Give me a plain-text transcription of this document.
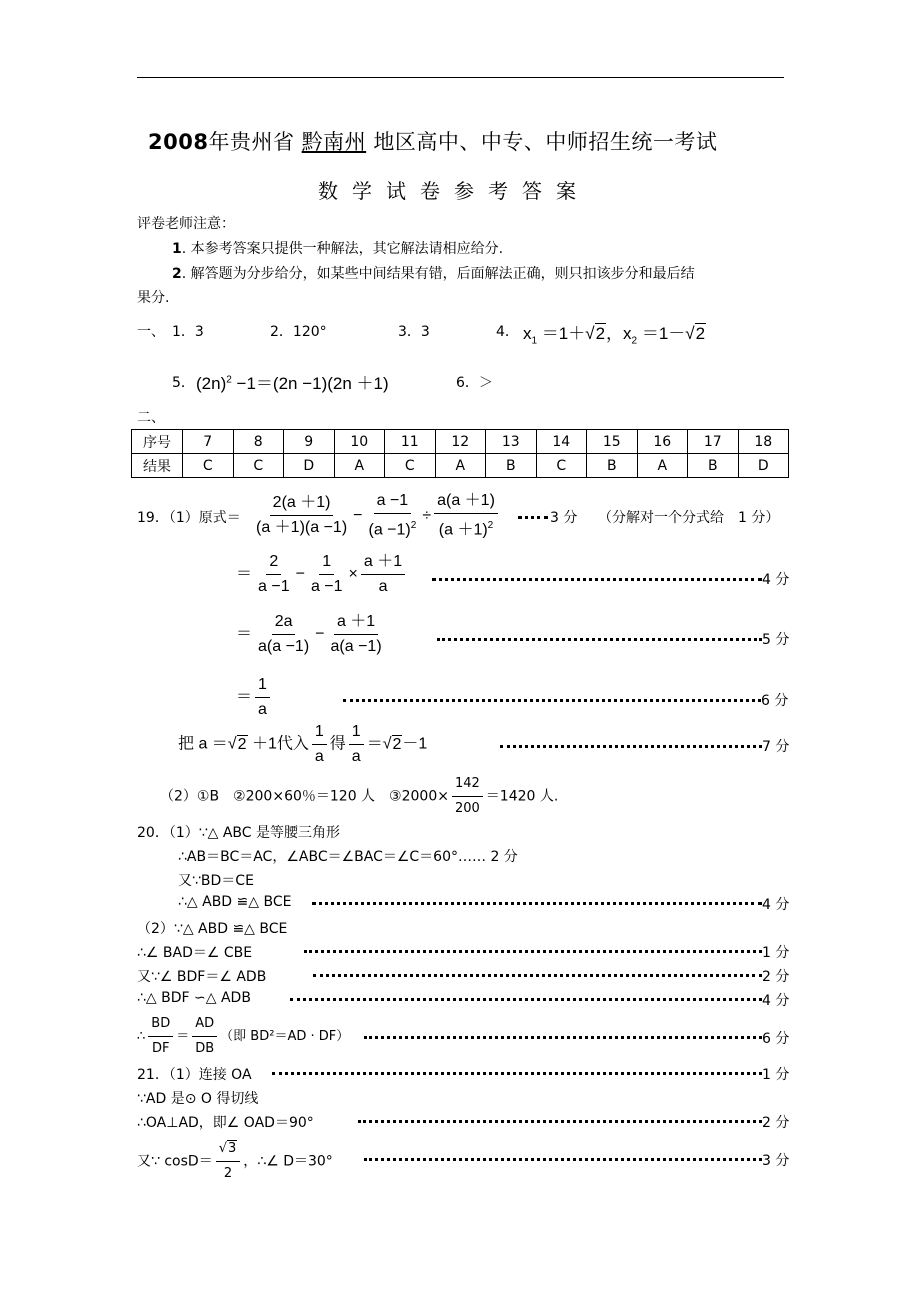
2008年贵州省 黔南州 地区高中、中专、中师招生统一考试
数学试卷参考答案
评卷老师注意：
1. 本参考答案只提供一种解法，其它解法请相应给分.
2. 解答题为分步给分，如某些中间结果有错，后面解法正确，则只扣该步分和最后结
果分.
一、 1．3	2．120°	3．3	4． $x_1 =1+√2$，$x_2 =1-√2$
5． $(2n)^2 -1=(2n -1)(2n +1)$	6．＞
二、
序号	7	8	9	10	11	12	13	14	15	16	17	18
结果	C	C	D	A	C	A	B	C	B	A	B	D
19．（1）原式＝ $\frac{2(a +1)}{(a +1)(a -1)} - \frac{a -1}{(a -1)^2} \div \frac{a(a +1)}{(a +1)^2}$	3 分 （分解对一个分式给　1 分）
＝ $\frac{2}{a -1} - \frac{1}{a -1} \times \frac{a +1}{a}$	4 分
＝ $\frac{2a}{a(a -1)} - \frac{a +1}{a(a -1)}$	5 分
＝ $\frac{1}{a}$	6 分
把 a ＝√2 ＋1代入 $\frac{1}{a}$ 得 $\frac{1}{a} =√2-1$	7 分
（2）①B　②200×60％＝120 人　③2000× $\frac{142}{200} =1420$ 人.
20．（1）∵△ ABC 是等腰三角形
∴AB＝BC＝AC，∠ABC＝∠BAC＝∠C＝60°…… 2 分
又∵BD＝CE
∴△ ABD ≌△ BCE	4 分
（2）∵△ ABD ≌△ BCE
∴∠ BAD＝∠ CBE	1 分
又∵∠ BDF＝∠ ADB	2 分
∴△ BDF ∽△ ADB	4 分
∴ $\frac{BD}{DF} = \frac{AD}{DB}$ （即 BD²＝AD · DF）	6 分
21．（1）连接 OA	1 分
∵AD 是⊙ O 得切线
∴OA⊥AD，即∠ OAD＝90°	2 分
又∵ $\cos D= \frac{√3}{2}$ ，∴∠ D＝30°	3 分
